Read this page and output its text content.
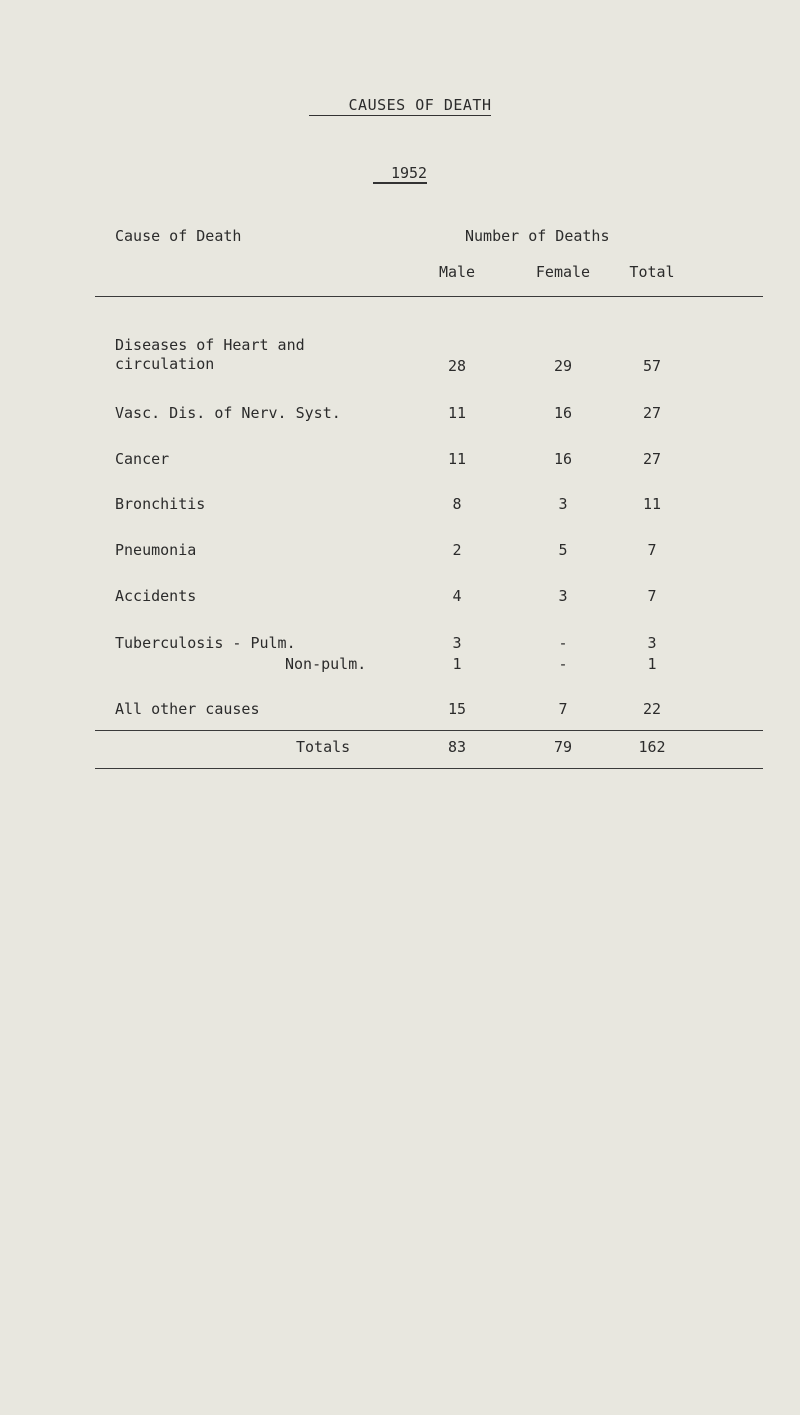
CAUSES OF DEATH
1952
Cause of Death	Number of Deaths
Male	Female	Total
Diseases of Heart and
circulation	28	29	57
Vasc. Dis. of Nerv. Syst.	11	16	27
Cancer	11	16	27
Bronchitis	8	3	11
Pneumonia	2	5	7
Accidents	4	3	7
Tuberculosis - Pulm.	3	-	3
Non-pulm.	1	-	1
All other causes	15	7	22
Totals	83	79	162
